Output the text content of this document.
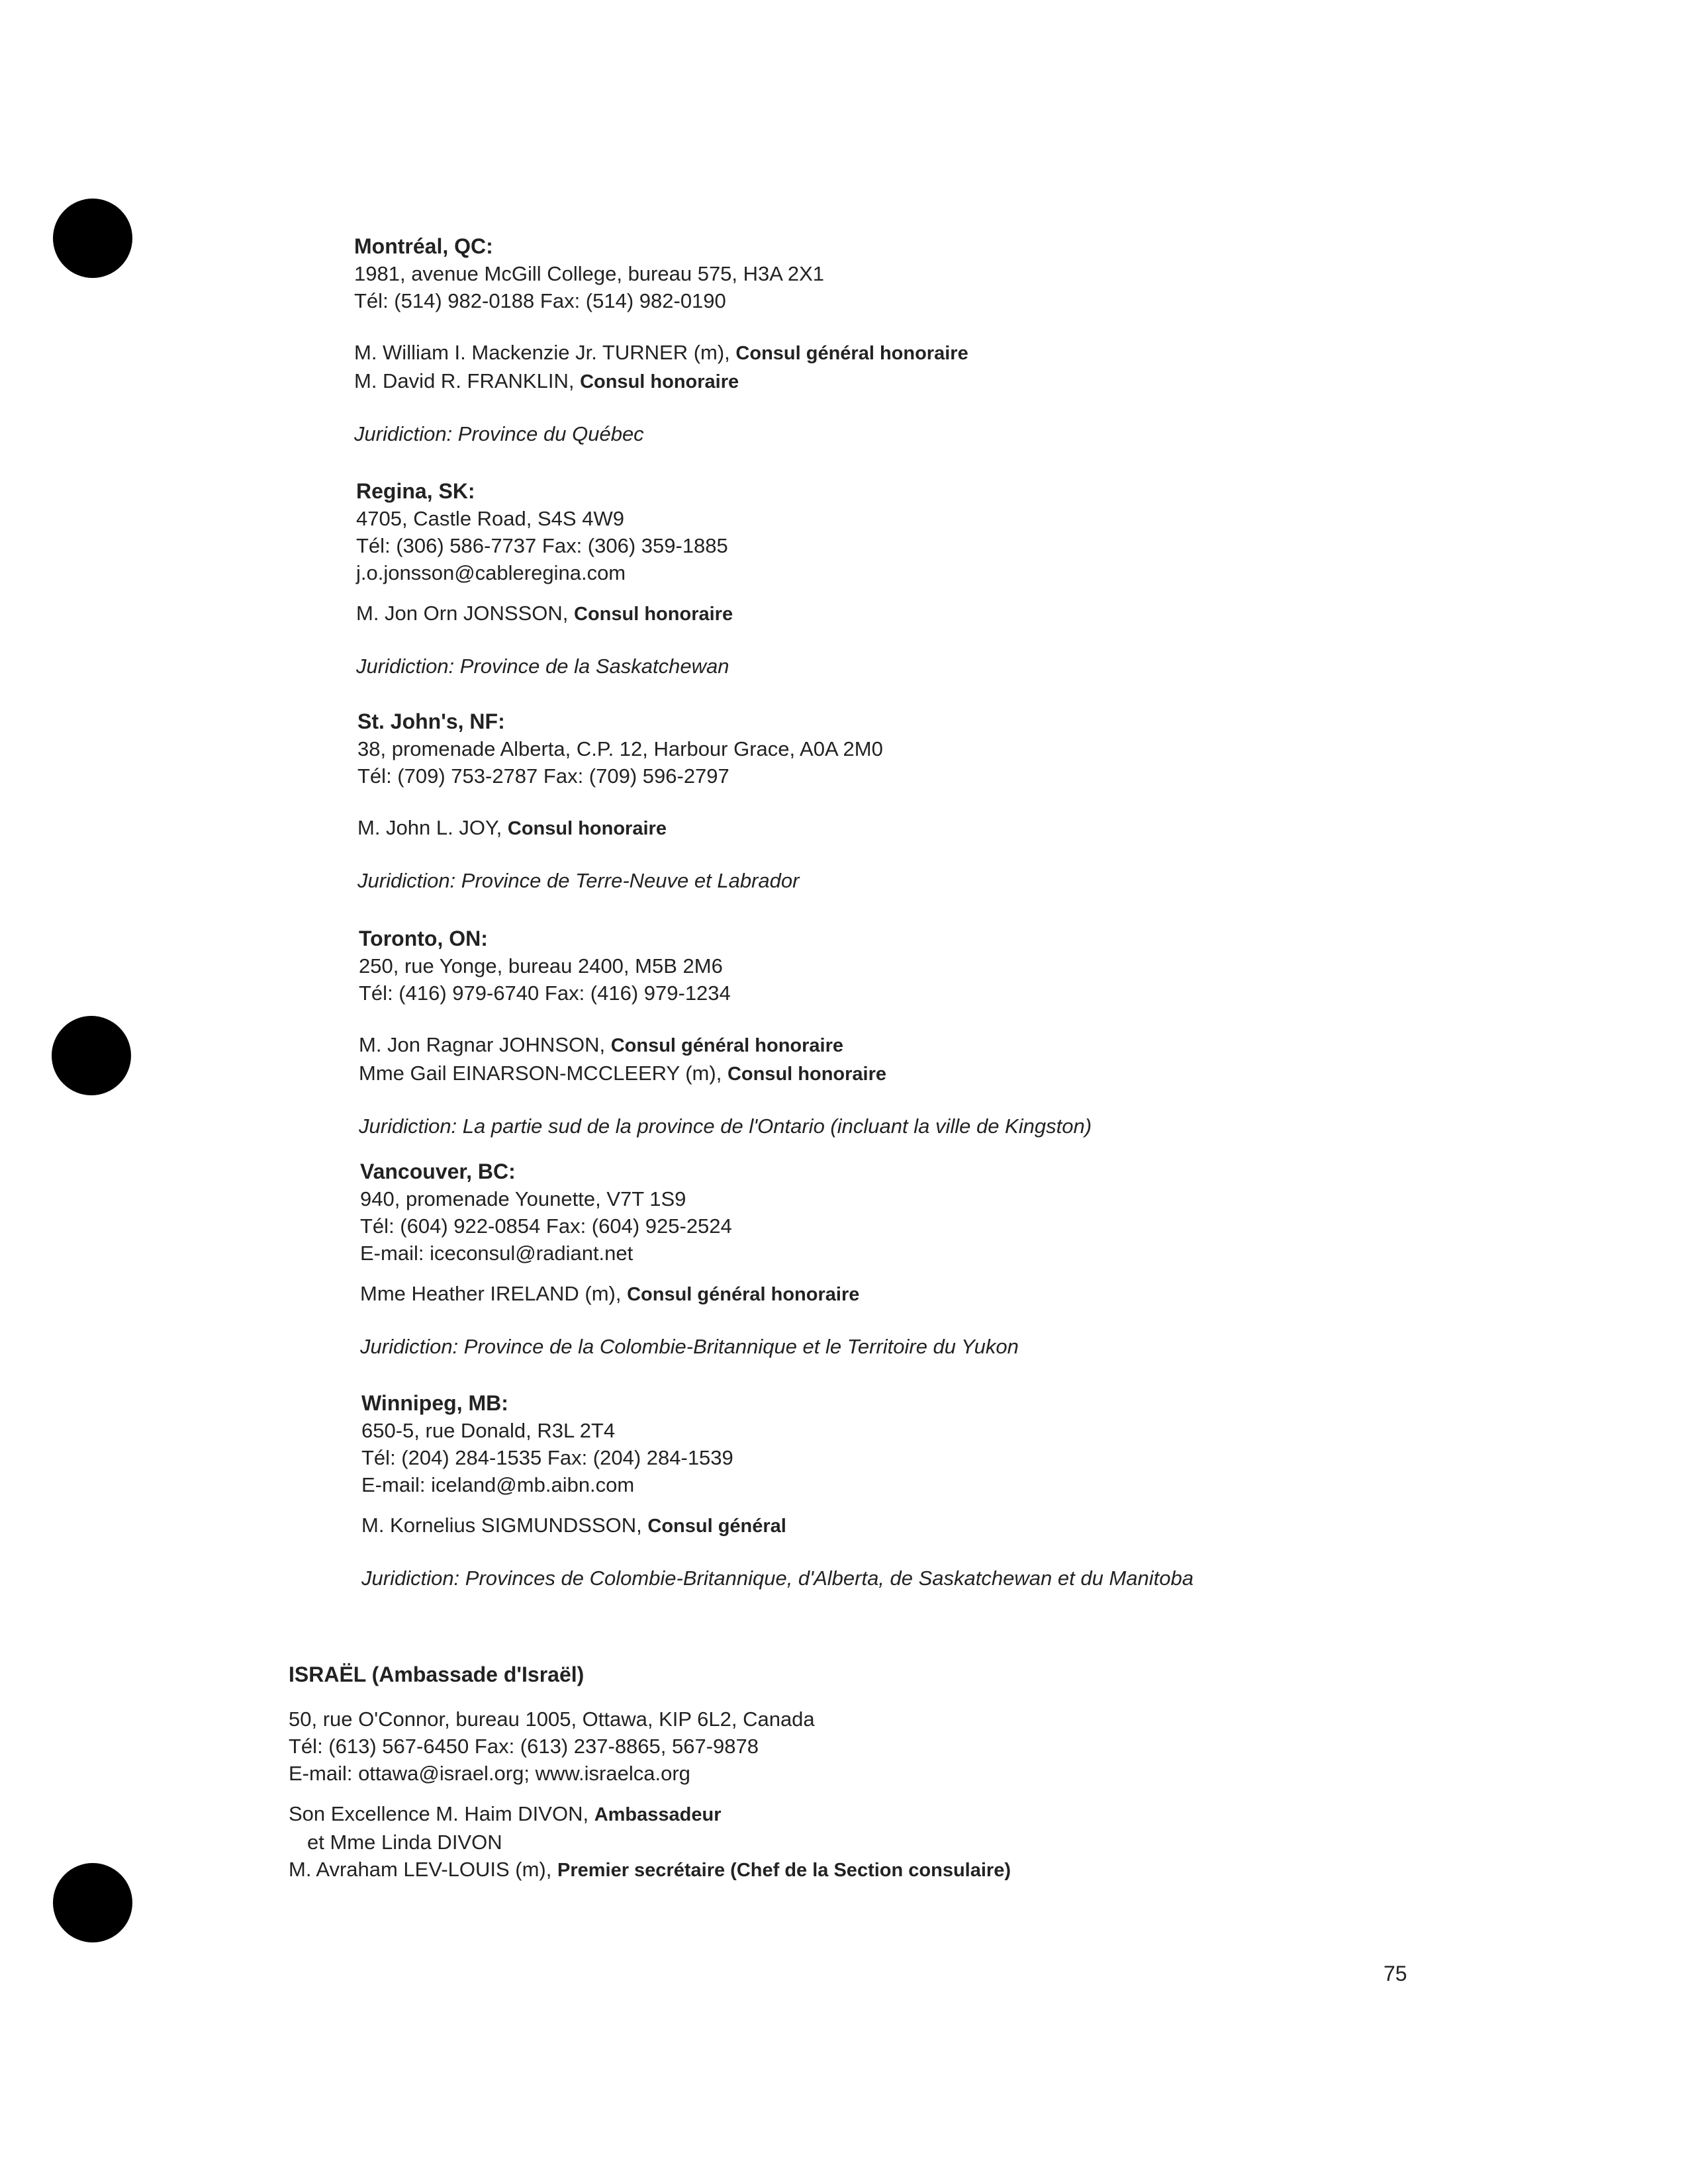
Montréal, QC:
1981, avenue McGill College, bureau 575, H3A 2X1
Tél: (514) 982-0188 Fax: (514) 982-0190
M. William I. Mackenzie Jr. TURNER (m), Consul général honoraire
M. David R. FRANKLIN, Consul honoraire
Juridiction: Province du Québec
Regina, SK:
4705, Castle Road, S4S 4W9
Tél: (306) 586-7737 Fax: (306) 359-1885
j.o.jonsson@cableregina.com
M. Jon Orn JONSSON, Consul honoraire
Juridiction: Province de la Saskatchewan
St. John's, NF:
38, promenade Alberta, C.P. 12, Harbour Grace, A0A 2M0
Tél: (709) 753-2787 Fax: (709) 596-2797
M. John L. JOY, Consul honoraire
Juridiction: Province de Terre-Neuve et Labrador
Toronto, ON:
250, rue Yonge, bureau 2400, M5B 2M6
Tél: (416) 979-6740 Fax: (416) 979-1234
M. Jon Ragnar JOHNSON, Consul général honoraire
Mme Gail EINARSON-MCCLEERY (m), Consul honoraire
Juridiction: La partie sud de la province de l'Ontario (incluant la ville de Kingston)
Vancouver, BC:
940, promenade Younette, V7T 1S9
Tél: (604) 922-0854 Fax: (604) 925-2524
E-mail: iceconsul@radiant.net
Mme Heather IRELAND (m), Consul général honoraire
Juridiction: Province de la Colombie-Britannique et le Territoire du Yukon
Winnipeg, MB:
650-5, rue Donald, R3L 2T4
Tél: (204) 284-1535 Fax: (204) 284-1539
E-mail: iceland@mb.aibn.com
M. Kornelius SIGMUNDSSON, Consul général
Juridiction: Provinces de Colombie-Britannique, d'Alberta, de Saskatchewan et du Manitoba
ISRAËL (Ambassade d'Israël)
50, rue O'Connor, bureau 1005, Ottawa, KIP 6L2, Canada
Tél: (613) 567-6450 Fax: (613) 237-8865, 567-9878
E-mail: ottawa@israel.org; www.israelca.org
Son Excellence M. Haim DIVON, Ambassadeur
et Mme Linda DIVON
M. Avraham LEV-LOUIS (m), Premier secrétaire (Chef de la Section consulaire)
75
